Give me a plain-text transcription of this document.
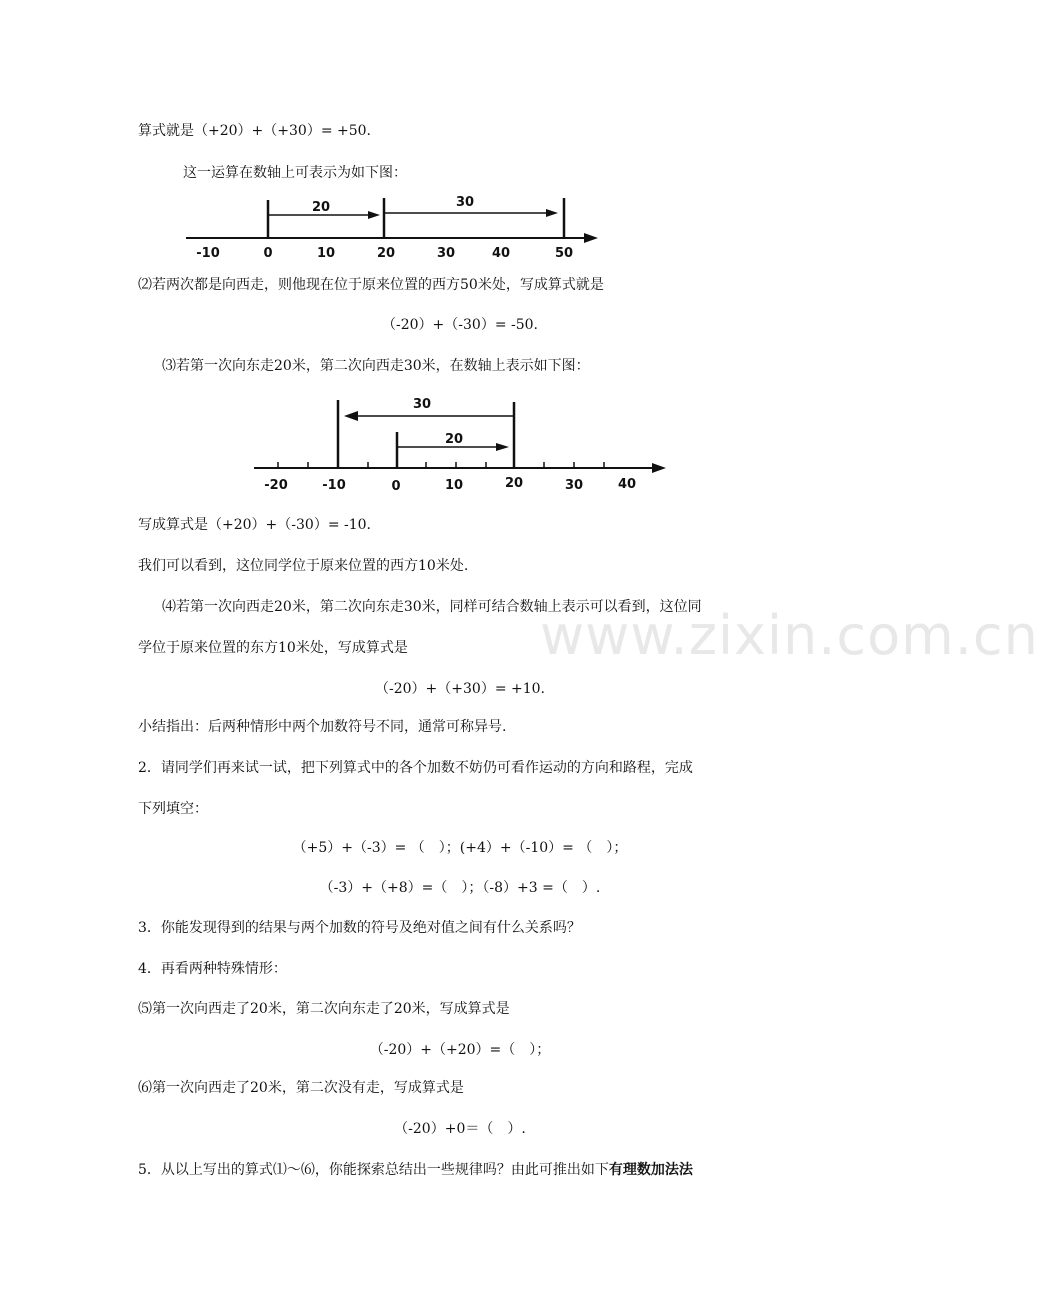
算式就是（+20）+（+30）= +50.
这一运算在数轴上可表示为如下图：
20	30
-10	0	10	20	30	40	50
⑵若两次都是向西走，则他现在位于原来位置的西方50米处，写成算式就是
（-20）+（-30）= -50.
⑶若第一次向东走20米，第二次向西走30米，在数轴上表示如下图：
30
20
-20	-10	0	10	20	30	40
写成算式是（+20）+（-30）= -10.
我们可以看到，这位同学位于原来位置的西方10米处.
www.zixin.com.cn
⑷若第一次向西走20米，第二次向东走30米，同样可结合数轴上表示可以看到，这位同
学位于原来位置的东方10米处，写成算式是
（-20）+（+30）= +10.
小结指出：后两种情形中两个加数符号不同，通常可称异号.
2．请同学们再来试一试，把下列算式中的各个加数不妨仍可看作运动的方向和路程，完成
下列填空：
（+5）+（-3）= （　）；(+4）+（-10）= （　）；
（-3）+（+8）=（　）；（-8）+3 =（　）.
3．你能发现得到的结果与两个加数的符号及绝对值之间有什么关系吗？
4．再看两种特殊情形：
⑸第一次向西走了20米，第二次向东走了20米，写成算式是
（-20）+（+20）=（　）；
⑹第一次向西走了20米，第二次没有走，写成算式是
（-20）+0＝（　）.
5．从以上写出的算式⑴～⑹，你能探索总结出一些规律吗？由此可推出如下有理数加法法
